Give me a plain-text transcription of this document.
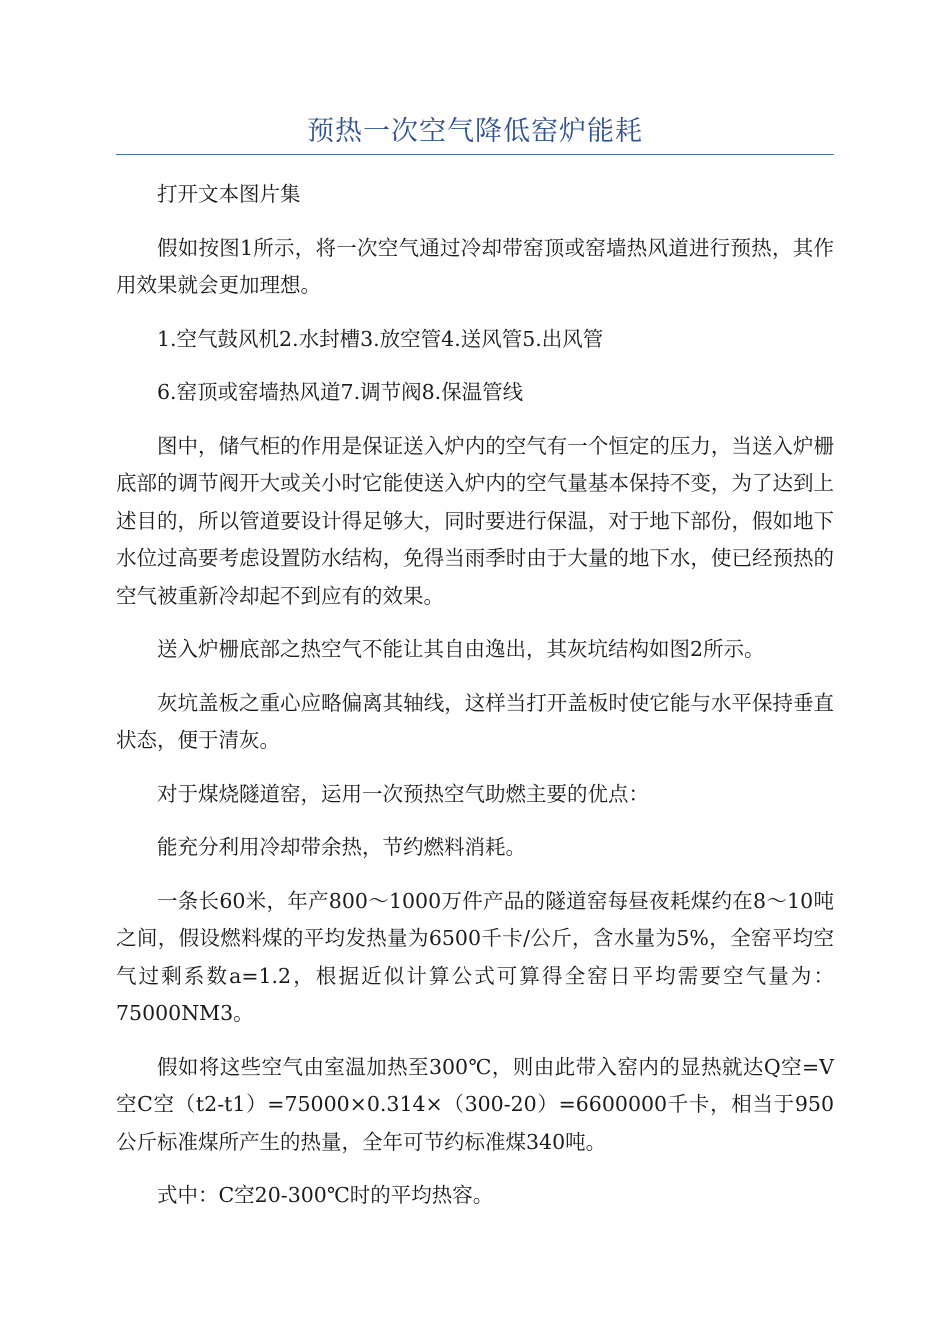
预热一次空气降低窑炉能耗

打开文本图片集

假如按图1所示，将一次空气通过冷却带窑顶或窑墙热风道进行预热，其作用效果就会更加理想。

1.空气鼓风机2.水封槽3.放空管4.送风管5.出风管

6.窑顶或窑墙热风道7.调节阀8.保温管线

图中，储气柜的作用是保证送入炉内的空气有一个恒定的压力，当送入炉栅底部的调节阀开大或关小时它能使送入炉内的空气量基本保持不变，为了达到上述目的，所以管道要设计得足够大，同时要进行保温，对于地下部份，假如地下水位过高要考虑设置防水结构，免得当雨季时由于大量的地下水，使已经预热的空气被重新冷却起不到应有的效果。

送入炉栅底部之热空气不能让其自由逸出，其灰坑结构如图2所示。

灰坑盖板之重心应略偏离其轴线，这样当打开盖板时使它能与水平保持垂直状态，便于清灰。

对于煤烧隧道窑，运用一次预热空气助燃主要的优点：

能充分利用冷却带余热，节约燃料消耗。

一条长60米，年产800～1000万件产品的隧道窑每昼夜耗煤约在8～10吨之间，假设燃料煤的平均发热量为6500千卡/公斤，含水量为5%，全窑平均空气过剩系数a=1.2，根据近似计算公式可算得全窑日平均需要空气量为：75000NM3。

假如将这些空气由室温加热至300℃，则由此带入窑内的显热就达Q空=V空C空（t2-t1）=75000×0.314×（300-20）=6600000千卡，相当于950公斤标准煤所产生的热量，全年可节约标准煤340吨。

式中：C空20-300℃时的平均热容。
